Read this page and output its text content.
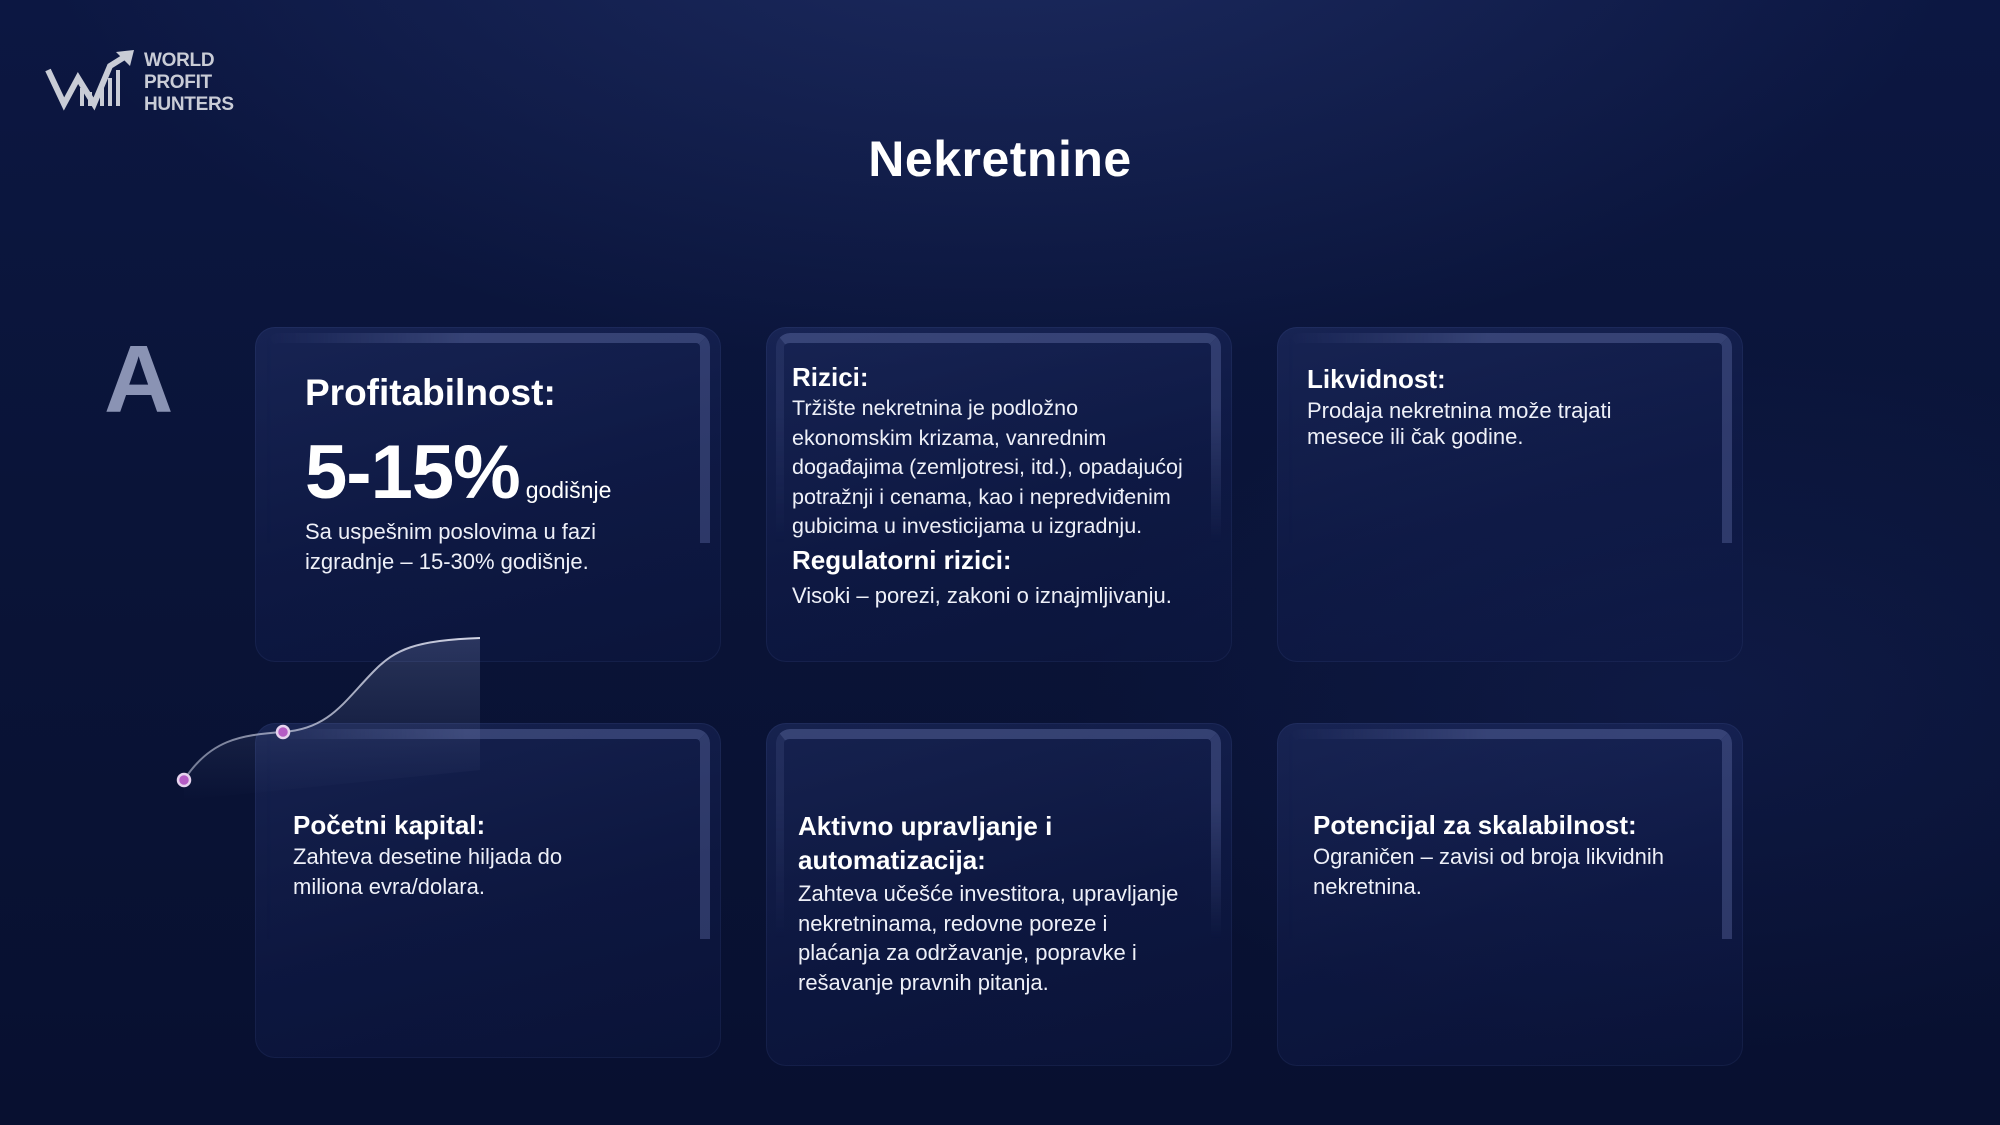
WORLD
PROFIT
HUNTERS
Nekretnine
A	Profitabilnost:
5-15% godišnje

Sa uspešnim poslovima u fazi izgradnje – 15-30% godišnje.

Rizici:

Tržište nekretnina je podložno ekonomskim krizama, vanrednim događajima (zemljotresi, itd.), opadajućoj potražnji i cenama, kao i nepredviđenim gubicima u investicijama u izgradnju.

Regulatorni rizici:

Visoki – porezi, zakoni o iznajmljivanju.

Likvidnost:

Prodaja nekretnina može trajati mesece ili čak godine.

Početni kapital:

Zahteva desetine hiljada do miliona evra/dolara.

Aktivno upravljanje i automatizacija:

Zahteva učešće investitora, upravljanje nekretninama, redovne poreze i plaćanja za održavanje, popravke i rešavanje pravnih pitanja.

Potencijal za skalabilnost:

Ograničen – zavisi od broja likvidnih nekretnina.
